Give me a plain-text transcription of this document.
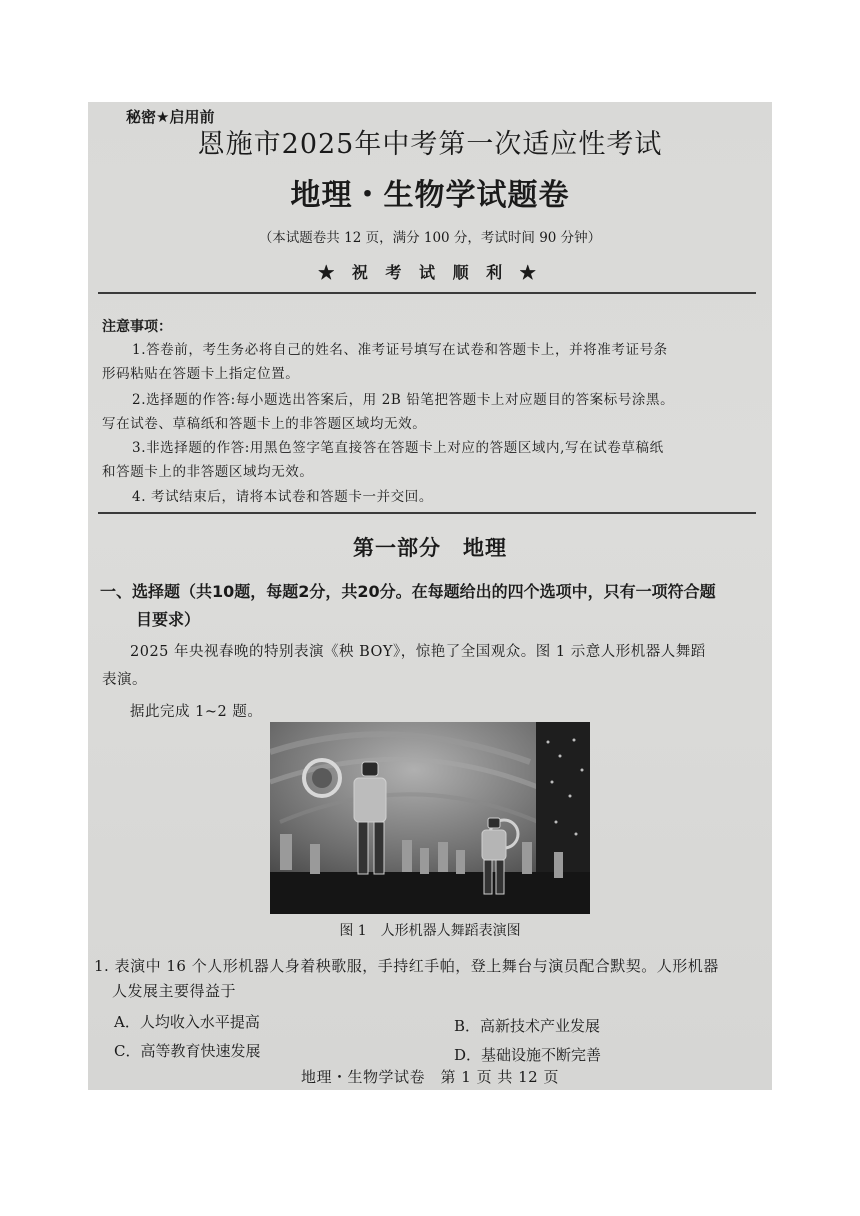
秘密★启用前
恩施市2025年中考第一次适应性考试
地理・生物学试题卷
（本试题卷共 12 页，满分 100 分，考试时间 90 分钟）
★ 祝 考 试 顺 利 ★
注意事项：
1.答卷前，考生务必将自己的姓名、准考证号填写在试卷和答题卡上，并将准考证号条
形码粘贴在答题卡上指定位置。
2.选择题的作答:每小题选出答案后，用 2B 铅笔把答题卡上对应题目的答案标号涂黑。
写在试卷、草稿纸和答题卡上的非答题区域均无效。
3.非选择题的作答:用黑色签字笔直接答在答题卡上对应的答题区域内,写在试卷草稿纸
和答题卡上的非答题区域均无效。
4. 考试结束后，请将本试卷和答题卡一并交回。
第一部分　地理
一、选择题（共10题，每题2分，共20分。在每题给出的四个选项中，只有一项符合题
目要求）
2025 年央视春晚的特别表演《秧 BOY》，惊艳了全国观众。图 1 示意人形机器人舞蹈
表演。
据此完成 1~2 题。
图 1　人形机器人舞蹈表演图
1. 表演中 16 个人形机器人身着秧歌服，手持红手帕，登上舞台与演员配合默契。人形机器
人发展主要得益于
A．人均收入水平提高	B．高新技术产业发展
C．高等教育快速发展	D．基础设施不断完善
地理・生物学试卷　第 1 页 共 12 页
